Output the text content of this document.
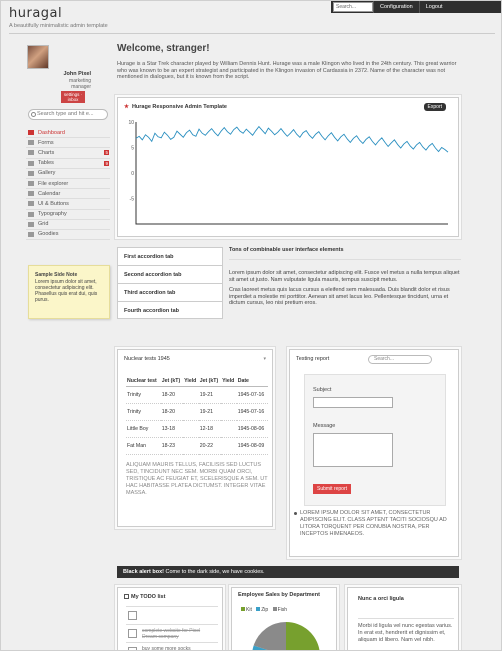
huragal
A beautifully minimalistic admin template
Search...	Configuration	Logout
John Pixel
marketing manager
settings · inbox
Search type and hit e...
Dashboard
Forms
Charts	5
Tables	9
Gallery
File explorer
Calendar
UI & Buttons
Typography
Grid
Goodies
Sample Side Note
Lorem ipsum dolor sit amet, consectetur adipiscing elit. Phasellus quis erat dui, quis purus.
Welcome, stranger!
Hurage is a Star Trek character played by William Dennis Hunt. Hurage was a male Klingon who lived in the 24th century. This great warrior who was known to be an expert strategist and participated in the Klingon invasion of Cardassia in 2372. Name of the character was not mentioned in dialogues, but it is known from the script.
★ Hurage Responsive Admin Template	Export
10
5
0
-5
First accordion tab
Second accordion tab
Third accordion tab
Fourth accordion tab
Tons of combinable user interface elements
Lorem ipsum dolor sit amet, consectetur adipiscing elit. Fusce vel metus a nulla tempus aliquet sit amet ut justo. Nam vulputate ligula mauris, tempus suscipit metus.
Cras laoreet metus quis lacus cursus a eleifend sem malesuada. Duis blandit dolor et risus imperdiet a molestie mi porttitor. Aenean sit amet lacus leo. Pellentesque tincidunt, urna et dictum cursus, leo nisi pretium eros.
Nuclear tests 1945	▾
Nuclear test	Jet (kT)	Yield	Jet (kT)	Yield	Date
Trinity	18-20		19-21		1945-07-16
Trinity	18-20		19-21		1945-07-16
Little Boy	13-18		12-18		1945-08-06
Fat Man	18-23		20-22		1945-08-09
ALIQUAM MAURIS TELLUS, FACILISIS SED LUCTUS SED, TINCIDUNT NEC SEM. MORBI QUAM ORCI, TRISTIQUE AC FEUGIAT ET, SCELERISQUE A SEM. UT HAC HABITASSE PLATEA DICTUMST. INTEGER VITAE MASSA.
Testing report	Search...
Subject
Message
Submit report
LOREM IPSUM DOLOR SIT AMET, CONSECTETUR ADIPISCING ELIT. CLASS APTENT TACITI SOCIOSQU AD LITORA TORQUENT PER CONUBIA NOSTRA, PER INCEPTOS HIMENAEOS.
Black alert box! Come to the dark side, we have cookies.
My TODO list
complete website for Pixel Dream company
buy some more socks
Employee Sales by Department
Kit Zip Fish
Nunc a orci ligula
Morbi id ligula vel nunc egestas varius. In erat est, hendrerit et dignissim et, aliquam id libero. Nam vel nibh.
